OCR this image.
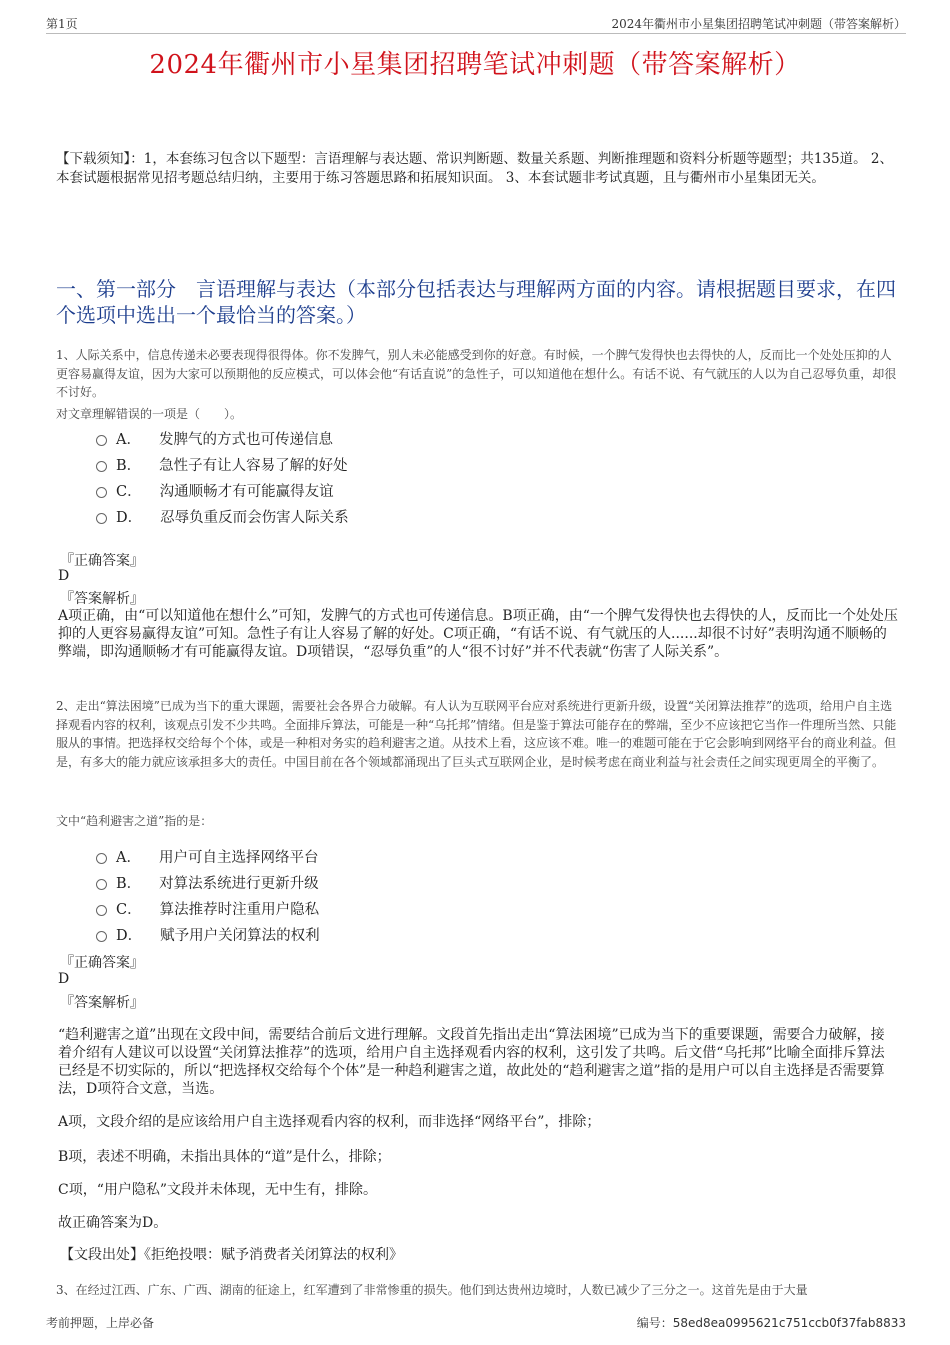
第1页	2024年衢州市小星集团招聘笔试冲刺题（带答案解析）
2024年衢州市小星集团招聘笔试冲刺题（带答案解析）
【下载须知】：1，本套练习包含以下题型：言语理解与表达题、常识判断题、数量关系题、判断推理题和资料分析题等题型；共135道。 2、本套试题根据常见招考题总结归纳，主要用于练习答题思路和拓展知识面。 3、本套试题非考试真题，且与衢州市小星集团无关。
一、第一部分　言语理解与表达（本部分包括表达与理解两方面的内容。请根据题目要求，在四个选项中选出一个最恰当的答案。）
1、人际关系中，信息传递未必要表现得很得体。你不发脾气，别人未必能感受到你的好意。有时候，一个脾气发得快也去得快的人，反而比一个处处压抑的人更容易赢得友谊，因为大家可以预期他的反应模式，可以体会他“有话直说”的急性子，可以知道他在想什么。有话不说、有气就压的人以为自己忍辱负重，却很不讨好。
对文章理解错误的一项是（　　）。
A． 发脾气的方式也可传递信息
B． 急性子有让人容易了解的好处
C． 沟通顺畅才有可能赢得友谊
D． 忍辱负重反而会伤害人际关系
『正确答案』
D
『答案解析』
A项正确，由“可以知道他在想什么”可知，发脾气的方式也可传递信息。B项正确，由“一个脾气发得快也去得快的人，反而比一个处处压抑的人更容易赢得友谊”可知。急性子有让人容易了解的好处。C项正确，“有话不说、有气就压的人......却很不讨好”表明沟通不顺畅的弊端，即沟通顺畅才有可能赢得友谊。D项错误，“忍辱负重”的人“很不讨好”并不代表就“伤害了人际关系”。
2、走出“算法困境”已成为当下的重大课题，需要社会各界合力破解。有人认为互联网平台应对系统进行更新升级，设置“关闭算法推荐”的选项，给用户自主选择观看内容的权利，该观点引发不少共鸣。全面排斥算法，可能是一种“乌托邦”情绪。但是鉴于算法可能存在的弊端，至少不应该把它当作一件理所当然、只能服从的事情。把选择权交给每个个体，或是一种相对务实的趋利避害之道。从技术上看，这应该不难。唯一的难题可能在于它会影响到网络平台的商业利益。但是，有多大的能力就应该承担多大的责任。中国目前在各个领域都涌现出了巨头式互联网企业，是时候考虑在商业利益与社会责任之间实现更周全的平衡了。
文中“趋利避害之道”指的是：
A． 用户可自主选择网络平台
B． 对算法系统进行更新升级
C． 算法推荐时注重用户隐私
D． 赋予用户关闭算法的权利
『正确答案』
D
『答案解析』
“趋利避害之道”出现在文段中间，需要结合前后文进行理解。文段首先指出走出“算法困境”已成为当下的重要课题，需要合力破解，接着介绍有人建议可以设置“关闭算法推荐”的选项，给用户自主选择观看内容的权利，这引发了共鸣。后文借“乌托邦”比喻全面排斥算法已经是不切实际的，所以“把选择权交给每个个体”是一种趋利避害之道，故此处的“趋利避害之道”指的是用户可以自主选择是否需要算法，D项符合文意，当选。
A项，文段介绍的是应该给用户自主选择观看内容的权利，而非选择“网络平台”，排除；
B项，表述不明确，未指出具体的“道”是什么，排除；
C项，“用户隐私”文段并未体现，无中生有，排除。
故正确答案为D。
【文段出处】《拒绝投喂：赋予消费者关闭算法的权利》
3、在经过江西、广东、广西、湖南的征途上，红军遭到了非常惨重的损失。他们到达贵州边境时，人数已减少了三分之一。这首先是由于大量
考前押题，上岸必备	编号：58ed8ea0995621c751ccb0f37fab8833
